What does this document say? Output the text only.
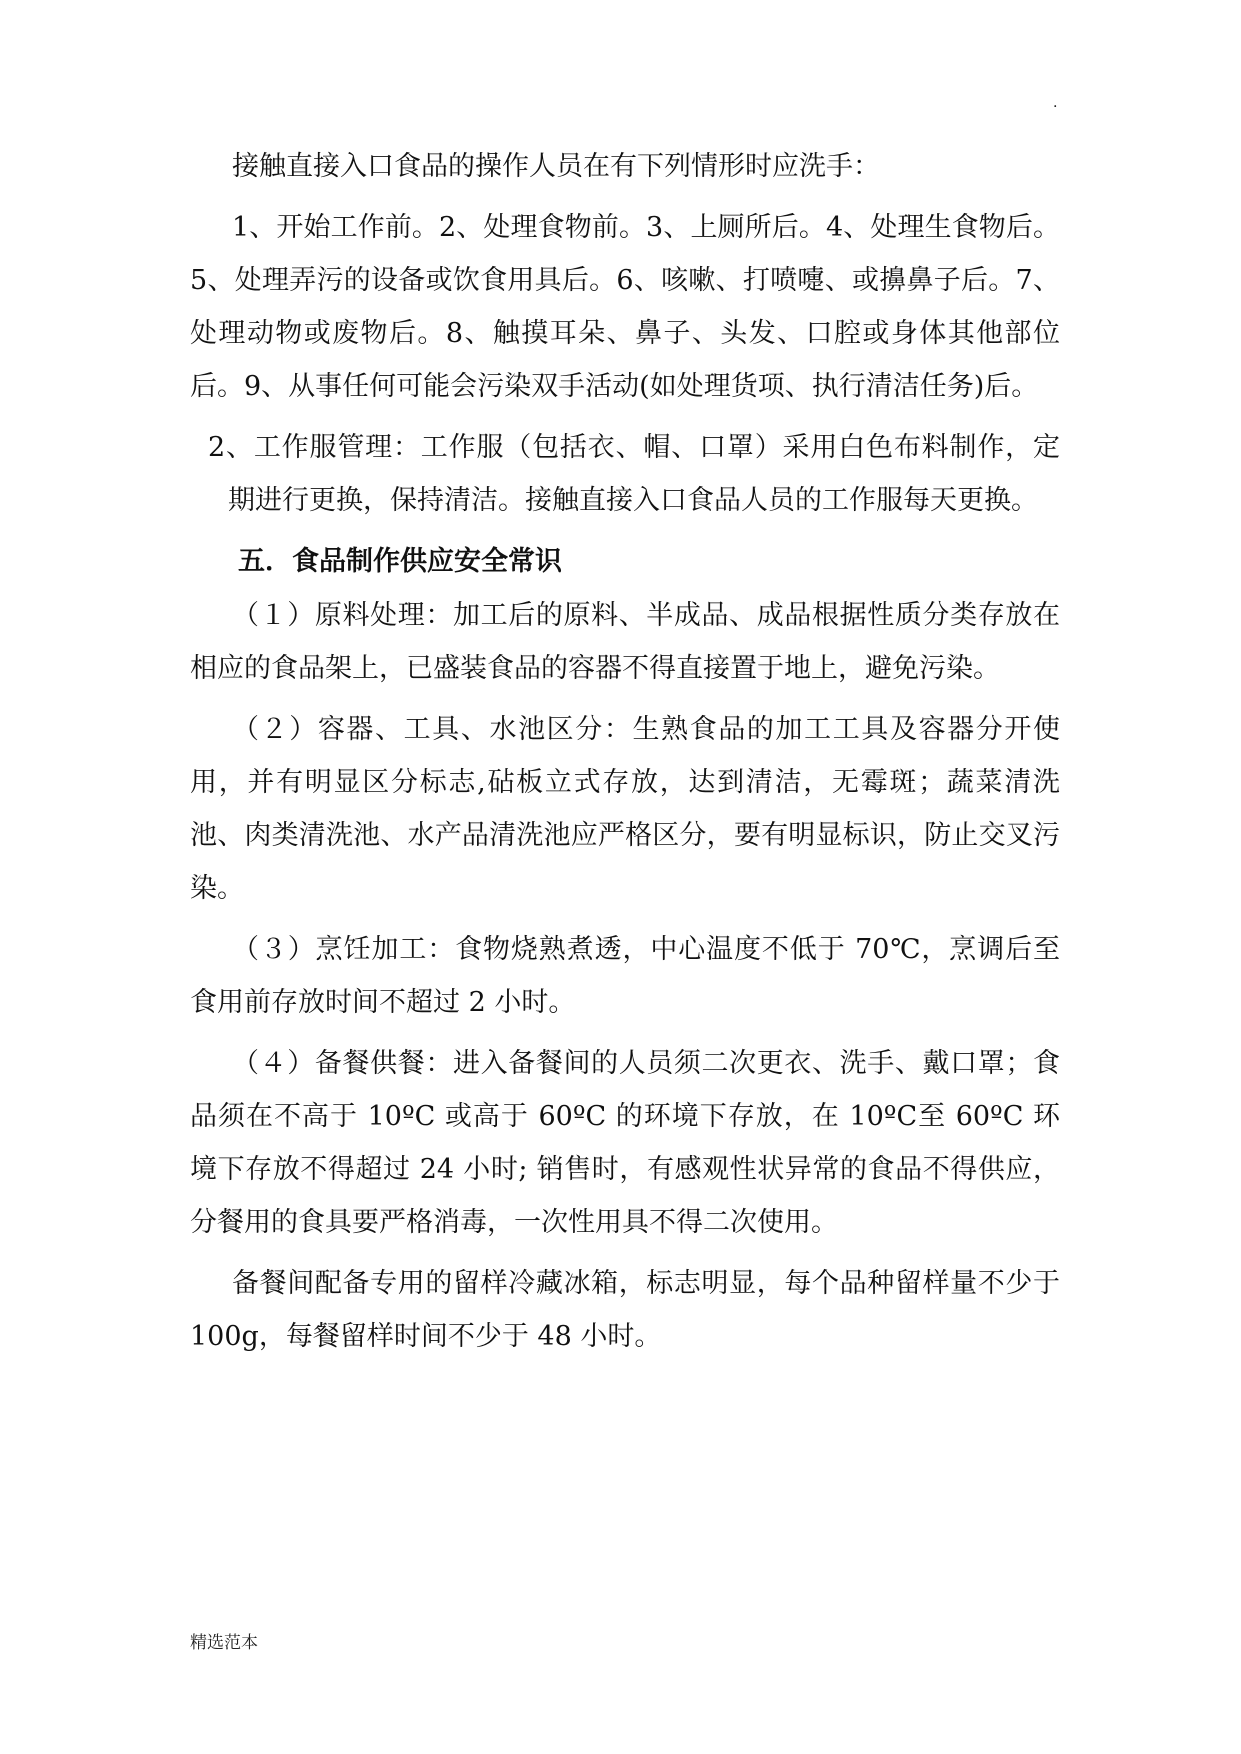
.

接触直接入口食品的操作人员在有下列情形时应洗手：

1、开始工作前。2、处理食物前。3、上厕所后。4、处理生食物后。5、处理弄污的设备或饮食用具后。6、咳嗽、打喷嚏、或擤鼻子后。7、处理动物或废物后。8、触摸耳朵、鼻子、头发、口腔或身体其他部位后。9、从事任何可能会污染双手活动(如处理货项、执行清洁任务)后。

2、工作服管理：工作服（包括衣、帽、口罩）采用白色布料制作，定期进行更换，保持清洁。接触直接入口食品人员的工作服每天更换。

五．食品制作供应安全常识

（１）原料处理：加工后的原料、半成品、成品根据性质分类存放在相应的食品架上，已盛装食品的容器不得直接置于地上，避免污染。

（２）容器、工具、水池区分：生熟食品的加工工具及容器分开使用，并有明显区分标志,砧板立式存放，达到清洁，无霉斑；蔬菜清洗池、肉类清洗池、水产品清洗池应严格区分，要有明显标识，防止交叉污染。

（３）烹饪加工：食物烧熟煮透，中心温度不低于 70℃，烹调后至食用前存放时间不超过 2 小时。

（４）备餐供餐：进入备餐间的人员须二次更衣、洗手、戴口罩；食品须在不高于 10ºC 或高于 60ºC 的环境下存放，在 10ºC至 60ºC 环境下存放不得超过 24 小时; 销售时，有感观性状异常的食品不得供应，分餐用的食具要严格消毒，一次性用具不得二次使用。

备餐间配备专用的留样冷藏冰箱，标志明显，每个品种留样量不少于 100g，每餐留样时间不少于 48 小时。

精选范本
